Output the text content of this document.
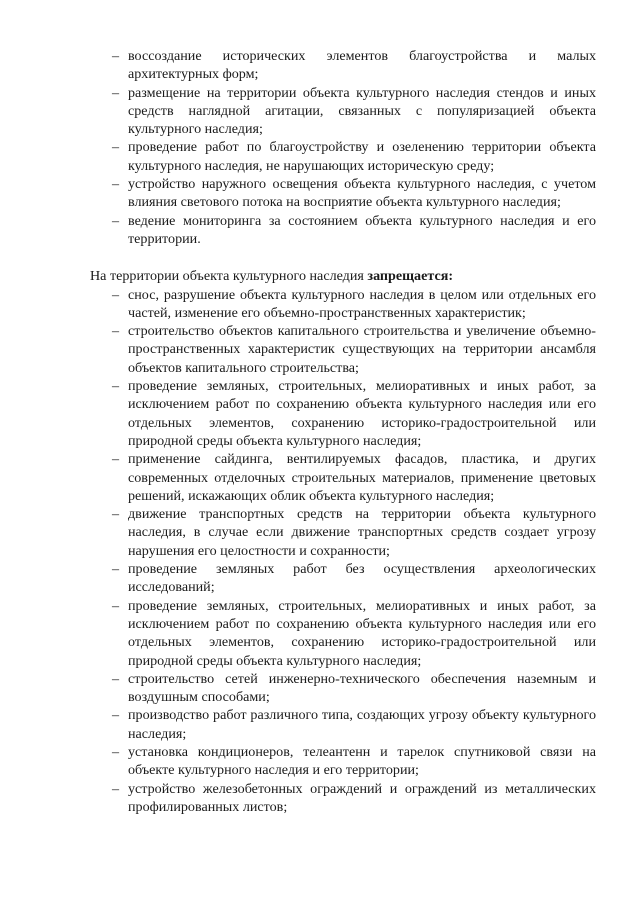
– воссоздание исторических элементов благоустройства и малых архитектурных форм;
– размещение на территории объекта культурного наследия стендов и иных средств наглядной агитации, связанных с популяризацией объекта культурного наследия;
– проведение работ по благоустройству и озеленению территории объекта культурного наследия, не нарушающих историческую среду;
– устройство наружного освещения объекта культурного наследия, с учетом влияния светового потока на восприятие объекта культурного наследия;
– ведение мониторинга за состоянием объекта культурного наследия и его территории.

На территории объекта культурного наследия запрещается:

– снос, разрушение объекта культурного наследия в целом или отдельных его частей, изменение его объемно-пространственных характеристик;
– строительство объектов капитального строительства и увеличение объемно-пространственных характеристик существующих на территории ансамбля объектов капитального строительства;
– проведение земляных, строительных, мелиоративных и иных работ, за исключением работ по сохранению объекта культурного наследия или его отдельных элементов, сохранению историко-градостроительной или природной среды объекта культурного наследия;
– применение сайдинга, вентилируемых фасадов, пластика, и других современных отделочных строительных материалов, применение цветовых решений, искажающих облик объекта культурного наследия;
– движение транспортных средств на территории объекта культурного наследия, в случае если движение транспортных средств создает угрозу нарушения его целостности и сохранности;
– проведение земляных работ без осуществления археологических исследований;
– проведение земляных, строительных, мелиоративных и иных работ, за исключением работ по сохранению объекта культурного наследия или его отдельных элементов, сохранению историко-градостроительной или природной среды объекта культурного наследия;
– строительство сетей инженерно-технического обеспечения наземным и воздушным способами;
– производство работ различного типа, создающих угрозу объекту культурного наследия;
– установка кондиционеров, телеантенн и тарелок спутниковой связи на объекте культурного наследия и его территории;
– устройство железобетонных ограждений и ограждений из металлических профилированных листов;
